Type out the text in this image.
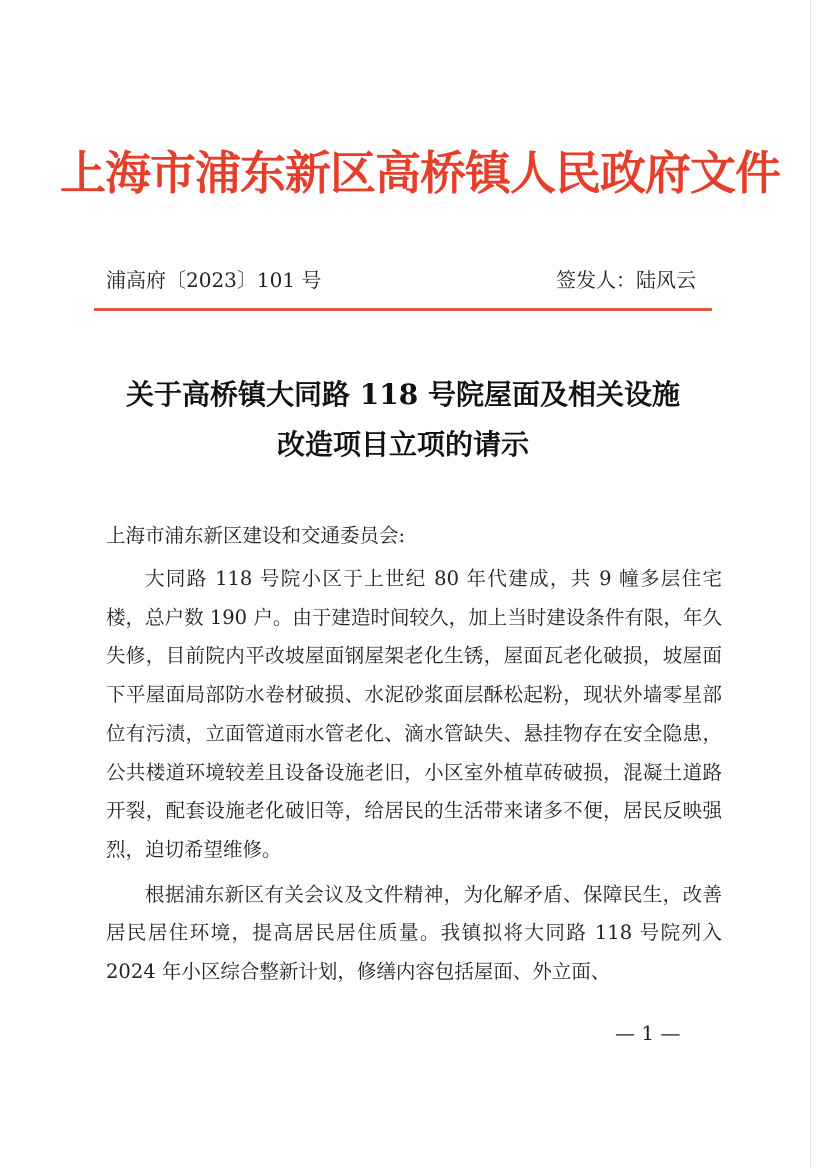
上海市浦东新区高桥镇人民政府文件
浦高府〔2023〕101 号	签发人：陆风云
关于高桥镇大同路 118 号院屋面及相关设施
改造项目立项的请示
上海市浦东新区建设和交通委员会:

大同路 118 号院小区于上世纪 80 年代建成，共 9 幢多层住宅楼，总户数 190 户。由于建造时间较久，加上当时建设条件有限，年久失修，目前院内平改坡屋面钢屋架老化生锈，屋面瓦老化破损，坡屋面下平屋面局部防水卷材破损、水泥砂浆面层酥松起粉，现状外墙零星部位有污渍，立面管道雨水管老化、滴水管缺失、悬挂物存在安全隐患，公共楼道环境较差且设备设施老旧，小区室外植草砖破损，混凝土道路开裂，配套设施老化破旧等，给居民的生活带来诸多不便，居民反映强烈，迫切希望维修。

根据浦东新区有关会议及文件精神，为化解矛盾、保障民生，改善居民居住环境，提高居民居住质量。我镇拟将大同路 118 号院列入 2024 年小区综合整新计划，修缮内容包括屋面、外立面、

— 1 —
